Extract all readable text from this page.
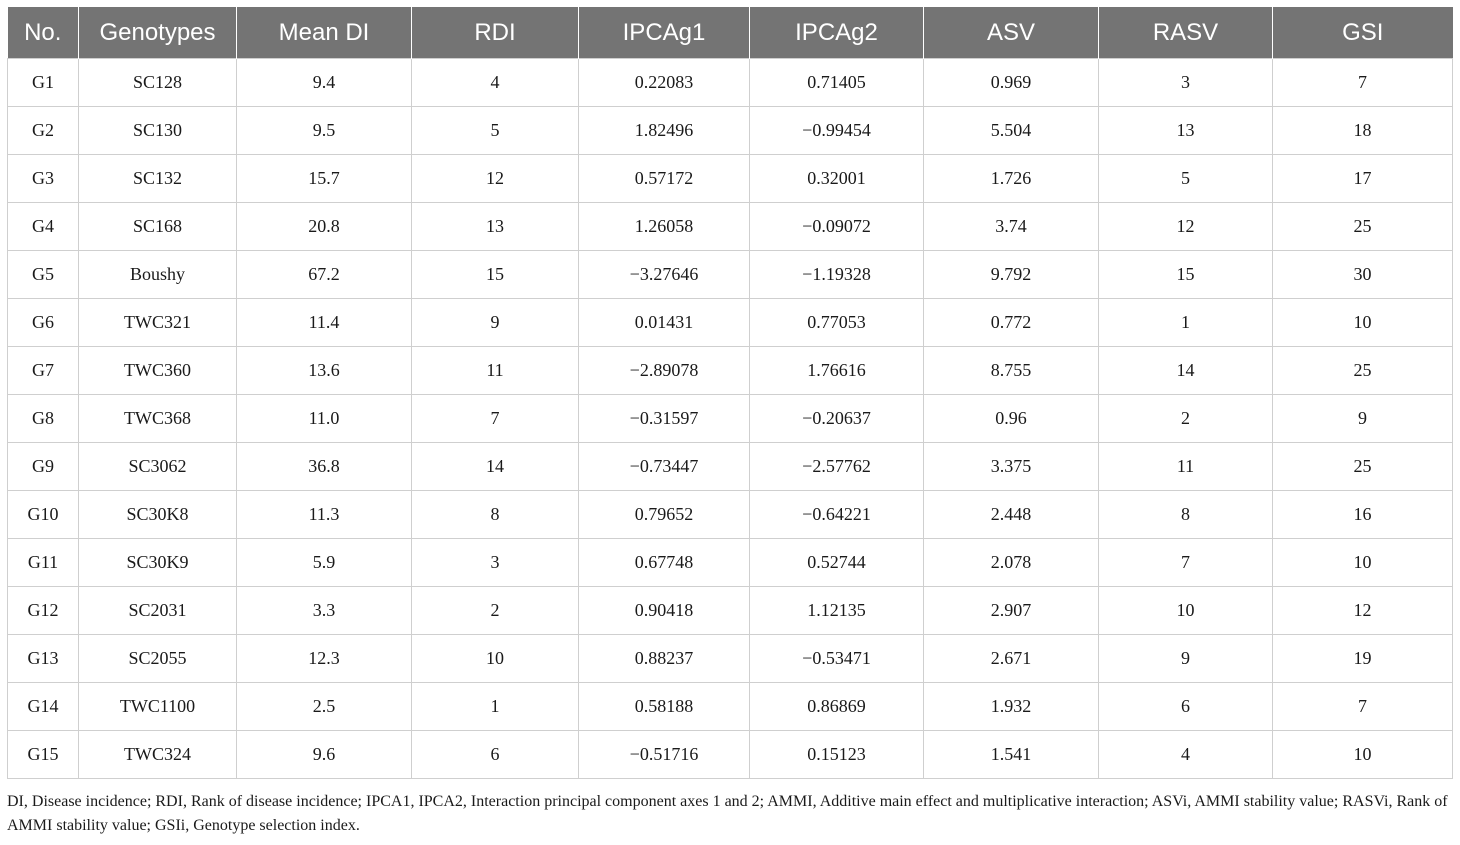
No.	Genotypes	Mean DI	RDI	IPCAg1	IPCAg2	ASV	RASV	GSI
G1	SC128	9.4	4	0.22083	0.71405	0.969	3	7
G2	SC130	9.5	5	1.82496	−0.99454	5.504	13	18
G3	SC132	15.7	12	0.57172	0.32001	1.726	5	17
G4	SC168	20.8	13	1.26058	−0.09072	3.74	12	25
G5	Boushy	67.2	15	−3.27646	−1.19328	9.792	15	30
G6	TWC321	11.4	9	0.01431	0.77053	0.772	1	10
G7	TWC360	13.6	11	−2.89078	1.76616	8.755	14	25
G8	TWC368	11.0	7	−0.31597	−0.20637	0.96	2	9
G9	SC3062	36.8	14	−0.73447	−2.57762	3.375	11	25
G10	SC30K8	11.3	8	0.79652	−0.64221	2.448	8	16
G11	SC30K9	5.9	3	0.67748	0.52744	2.078	7	10
G12	SC2031	3.3	2	0.90418	1.12135	2.907	10	12
G13	SC2055	12.3	10	0.88237	−0.53471	2.671	9	19
G14	TWC1100	2.5	1	0.58188	0.86869	1.932	6	7
G15	TWC324	9.6	6	−0.51716	0.15123	1.541	4	10
DI, Disease incidence; RDI, Rank of disease incidence; IPCA1, IPCA2, Interaction principal component axes 1 and 2; AMMI, Additive main effect and multiplicative interaction; ASVi, AMMI stability value; RASVi, Rank of AMMI stability value; GSIi, Genotype selection index.
